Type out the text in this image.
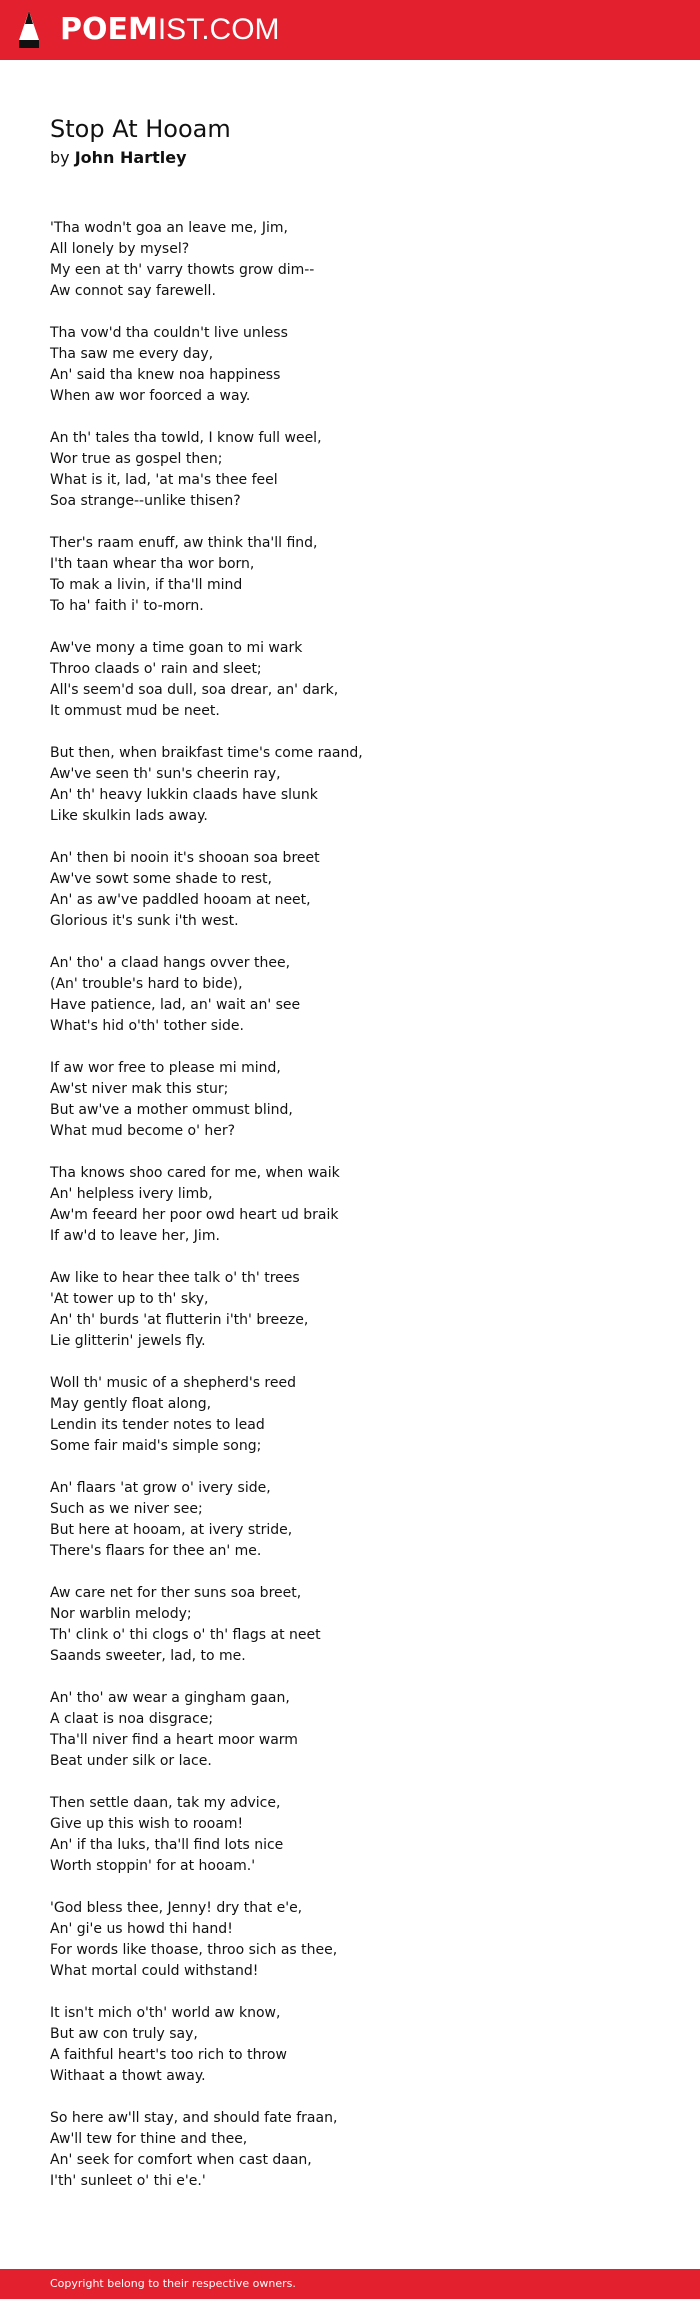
POEMIST.COM
Stop At Hooam
by John Hartley
'Tha wodn't goa an leave me, Jim,
All lonely by mysel?
My een at th' varry thowts grow dim--
Aw connot say farewell.
Tha vow'd tha couldn't live unless
Tha saw me every day,
An' said tha knew noa happiness
When aw wor foorced a way.
An th' tales tha towld, I know full weel,
Wor true as gospel then;
What is it, lad, 'at ma's thee feel
Soa strange--unlike thisen?
Ther's raam enuff, aw think tha'll find,
I'th taan whear tha wor born,
To mak a livin, if tha'll mind
To ha' faith i' to-morn.
Aw've mony a time goan to mi wark
Throo claads o' rain and sleet;
All's seem'd soa dull, soa drear, an' dark,
It ommust mud be neet.
But then, when braikfast time's come raand,
Aw've seen th' sun's cheerin ray,
An' th' heavy lukkin claads have slunk
Like skulkin lads away.
An' then bi nooin it's shooan soa breet
Aw've sowt some shade to rest,
An' as aw've paddled hooam at neet,
Glorious it's sunk i'th west.
An' tho' a claad hangs ovver thee,
(An' trouble's hard to bide),
Have patience, lad, an' wait an' see
What's hid o'th' tother side.
If aw wor free to please mi mind,
Aw'st niver mak this stur;
But aw've a mother ommust blind,
What mud become o' her?
Tha knows shoo cared for me, when waik
An' helpless ivery limb,
Aw'm feeard her poor owd heart ud braik
If aw'd to leave her, Jim.
Aw like to hear thee talk o' th' trees
'At tower up to th' sky,
An' th' burds 'at flutterin i'th' breeze,
Lie glitterin' jewels fly.
Woll th' music of a shepherd's reed
May gently float along,
Lendin its tender notes to lead
Some fair maid's simple song;
An' flaars 'at grow o' ivery side,
Such as we niver see;
But here at hooam, at ivery stride,
There's flaars for thee an' me.
Aw care net for ther suns soa breet,
Nor warblin melody;
Th' clink o' thi clogs o' th' flags at neet
Saands sweeter, lad, to me.
An' tho' aw wear a gingham gaan,
A claat is noa disgrace;
Tha'll niver find a heart moor warm
Beat under silk or lace.
Then settle daan, tak my advice,
Give up this wish to rooam!
An' if tha luks, tha'll find lots nice
Worth stoppin' for at hooam.'
'God bless thee, Jenny! dry that e'e,
An' gi'e us howd thi hand!
For words like thoase, throo sich as thee,
What mortal could withstand!
It isn't mich o'th' world aw know,
But aw con truly say,
A faithful heart's too rich to throw
Withaat a thowt away.
So here aw'll stay, and should fate fraan,
Aw'll tew for thine and thee,
An' seek for comfort when cast daan,
I'th' sunleet o' thi e'e.'
Copyright belong to their respective owners.
